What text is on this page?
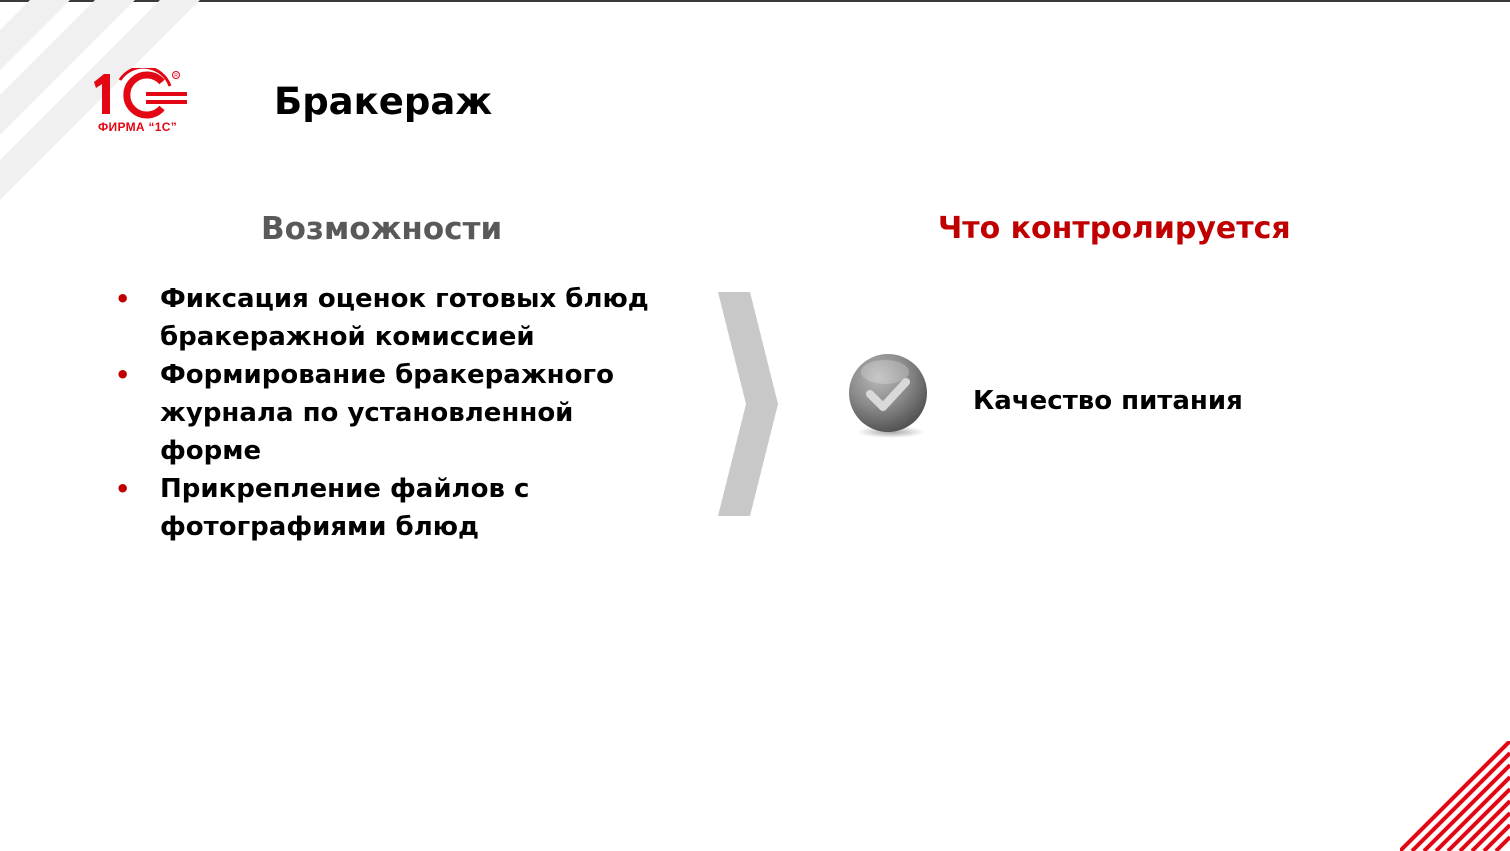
R
ФИРМА “1С”
Бракераж
Возможности	Что контролируется
• Фиксация оценок готовых блюд бракеражной комиссией
• Формирование бракеражного журнала по установленной  форме
• Прикрепление файлов с фотографиями блюд
Качество питания
